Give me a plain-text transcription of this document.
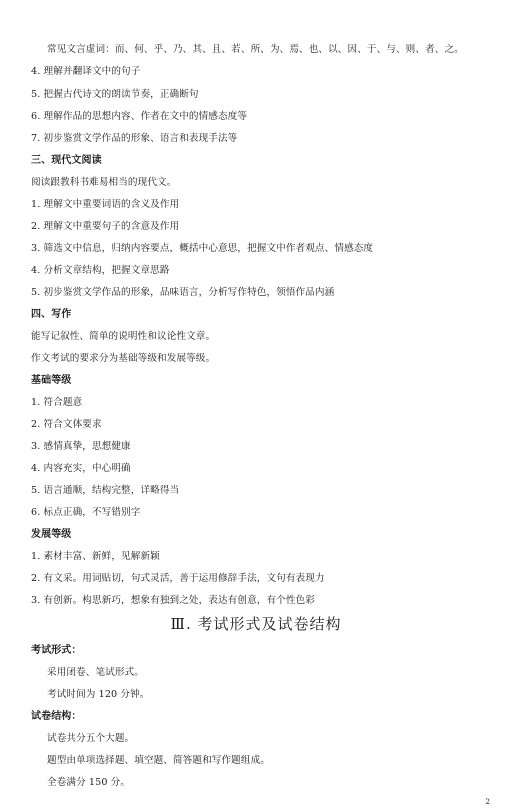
常见文言虚词：而、何、乎、乃、其、且、若、所、为、焉、也、以、因、于、与、则、者、之。
4. 理解并翻译文中的句子
5. 把握古代诗文的朗读节奏，正确断句
6. 理解作品的思想内容、作者在文中的情感态度等
7. 初步鉴赏文学作品的形象、语言和表现手法等
三、现代文阅读
阅读跟教科书难易相当的现代文。
1. 理解文中重要词语的含义及作用
2. 理解文中重要句子的含意及作用
3. 筛选文中信息，归纳内容要点，概括中心意思，把握文中作者观点、情感态度
4. 分析文章结构，把握文章思路
5. 初步鉴赏文学作品的形象，品味语言，分析写作特色，领悟作品内涵
四、写作
能写记叙性、简单的说明性和议论性文章。
作文考试的要求分为基础等级和发展等级。
基础等级
1. 符合题意
2. 符合文体要求
3. 感情真挚，思想健康
4. 内容充实，中心明确
5. 语言通顺，结构完整，详略得当
6. 标点正确，不写错别字
发展等级
1. 素材丰富、新鲜，见解新颖
2. 有文采。用词贴切，句式灵活，善于运用修辞手法，文句有表现力
3. 有创新。构思新巧，想象有独到之处，表达有创意，有个性色彩
Ⅲ. 考试形式及试卷结构
考试形式：
采用闭卷、笔试形式。
考试时间为 120 分钟。
试卷结构：
试卷共分五个大题。
题型由单项选择题、填空题、简答题和写作题组成。
全卷满分 150 分。
2
